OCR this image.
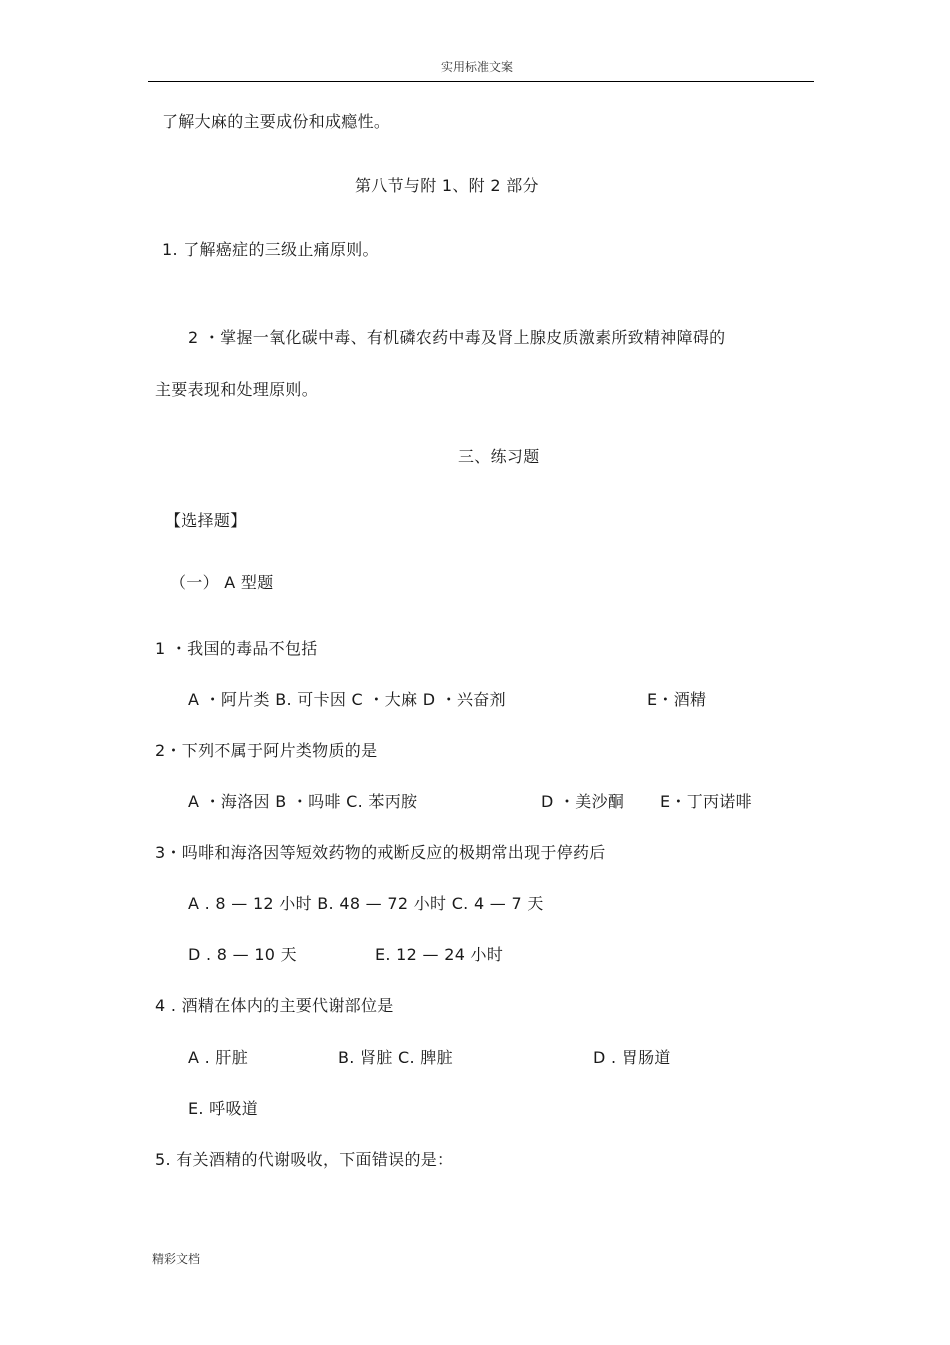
实用标准文案
了解大麻的主要成份和成瘾性。
第八节与附 1、附 2 部分
1. 了解癌症的三级止痛原则。
2 ・掌握一氧化碳中毒、有机磷农药中毒及肾上腺皮质激素所致精神障碍的
主要表现和处理原则。
三、练习题
【选择题】
（一） A 型题
1 ・我国的毒品不包括
A ・阿片类 B. 可卡因 C ・大麻 D ・兴奋剂	E・酒精
2・下列不属于阿片类物质的是
A ・海洛因 B ・吗啡 C. 苯丙胺	D ・美沙酮 E・丁丙诺啡
3・吗啡和海洛因等短效药物的戒断反应的极期常出现于停药后
A . 8 — 12 小时 B. 48 — 72 小时 C. 4 — 7 天
D . 8 — 10 天	E. 12 — 24 小时
4 . 酒精在体内的主要代谢部位是
A . 肝脏	B. 肾脏 C. 脾脏	D . 胃肠道
E. 呼吸道
5. 有关酒精的代谢吸收，下面错误的是：
精彩文档
